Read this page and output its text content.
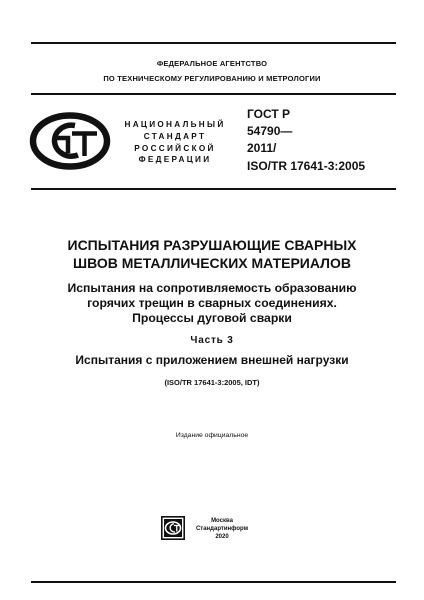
ФЕДЕРАЛЬНОЕ АГЕНТСТВО
ПО ТЕХНИЧЕСКОМУ РЕГУЛИРОВАНИЮ И МЕТРОЛОГИИ
НАЦИОНАЛЬНЫЙ
СТАНДАРТ
РОССИЙСКОЙ
ФЕДЕРАЦИИ
ГОСТ Р
54790—
2011/
ISO/TR 17641-3:2005
ИСПЫТАНИЯ РАЗРУШАЮЩИЕ СВАРНЫХ
ШВОВ МЕТАЛЛИЧЕСКИХ МАТЕРИАЛОВ
Испытания на сопротивляемость образованию
горячих трещин в сварных соединениях.
Процессы дуговой сварки
Часть 3
Испытания с приложением внешней нагрузки
(ISO/TR 17641-3:2005, IDT)
Издание официальное
Москва
Стандартинформ
2020
